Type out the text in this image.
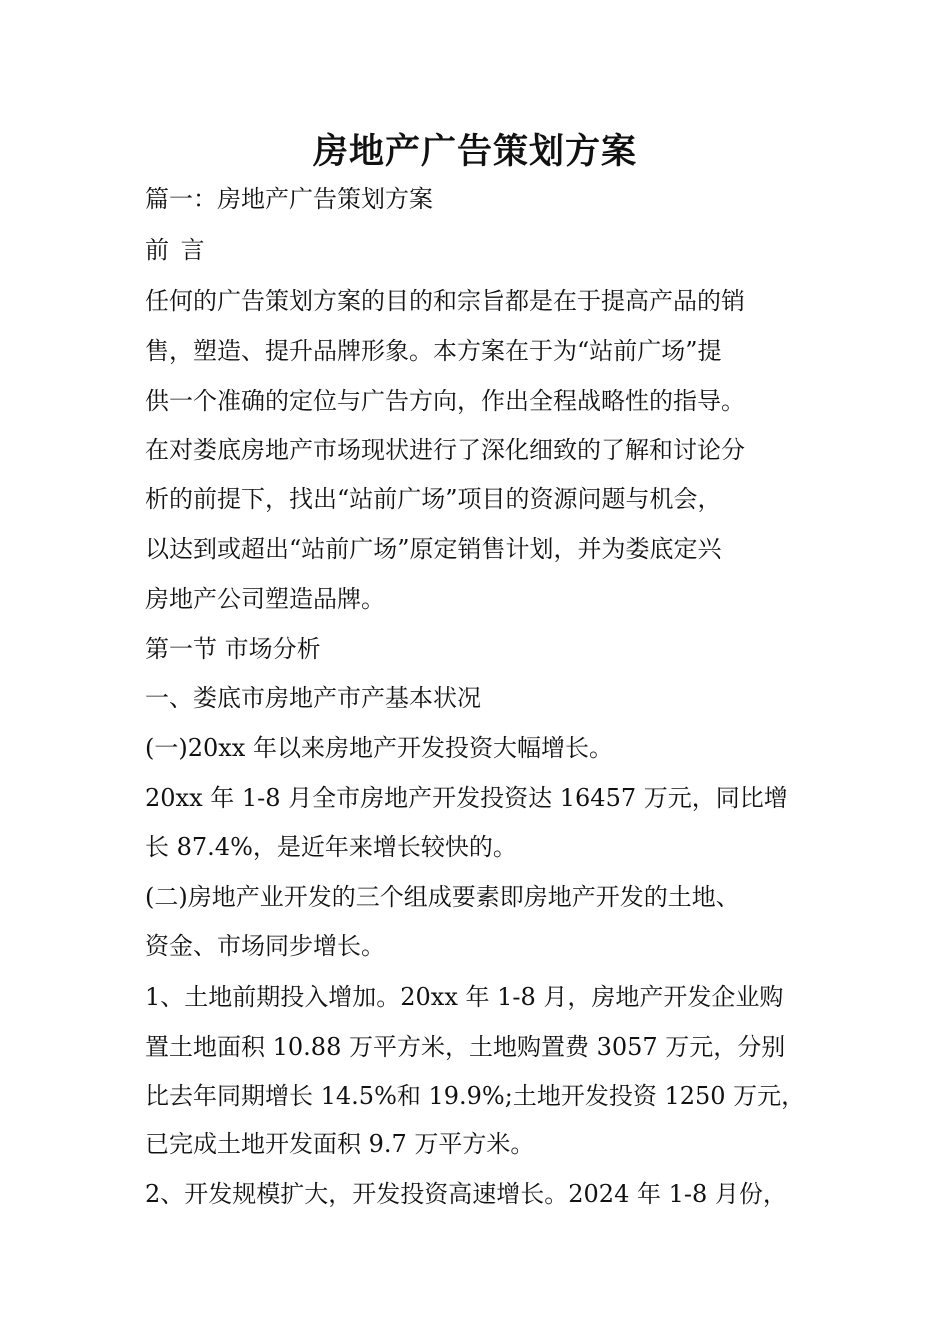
房地产广告策划方案

篇一：房地产广告策划方案

前 言

任何的广告策划方案的目的和宗旨都是在于提高产品的销

售，塑造、提升品牌形象。本方案在于为“站前广场”提

供一个准确的定位与广告方向，作出全程战略性的指导。

在对娄底房地产市场现状进行了深化细致的了解和讨论分

析的前提下，找出“站前广场”项目的资源问题与机会，

以达到或超出“站前广场”原定销售计划，并为娄底定兴

房地产公司塑造品牌。

第一节 市场分析

一、娄底市房地产市产基本状况

(一)20xx 年以来房地产开发投资大幅增长。

20xx 年 1-8 月全市房地产开发投资达 16457 万元，同比增

长 87.4%，是近年来增长较快的。

(二)房地产业开发的三个组成要素即房地产开发的土地、

资金、市场同步增长。

1、土地前期投入增加。20xx 年 1-8 月，房地产开发企业购

置土地面积 10.88 万平方米，土地购置费 3057 万元，分别

比去年同期增长 14.5%和 19.9%;土地开发投资 1250 万元，

已完成土地开发面积 9.7 万平方米。

2、开发规模扩大，开发投资高速增长。2024 年 1-8 月份，
